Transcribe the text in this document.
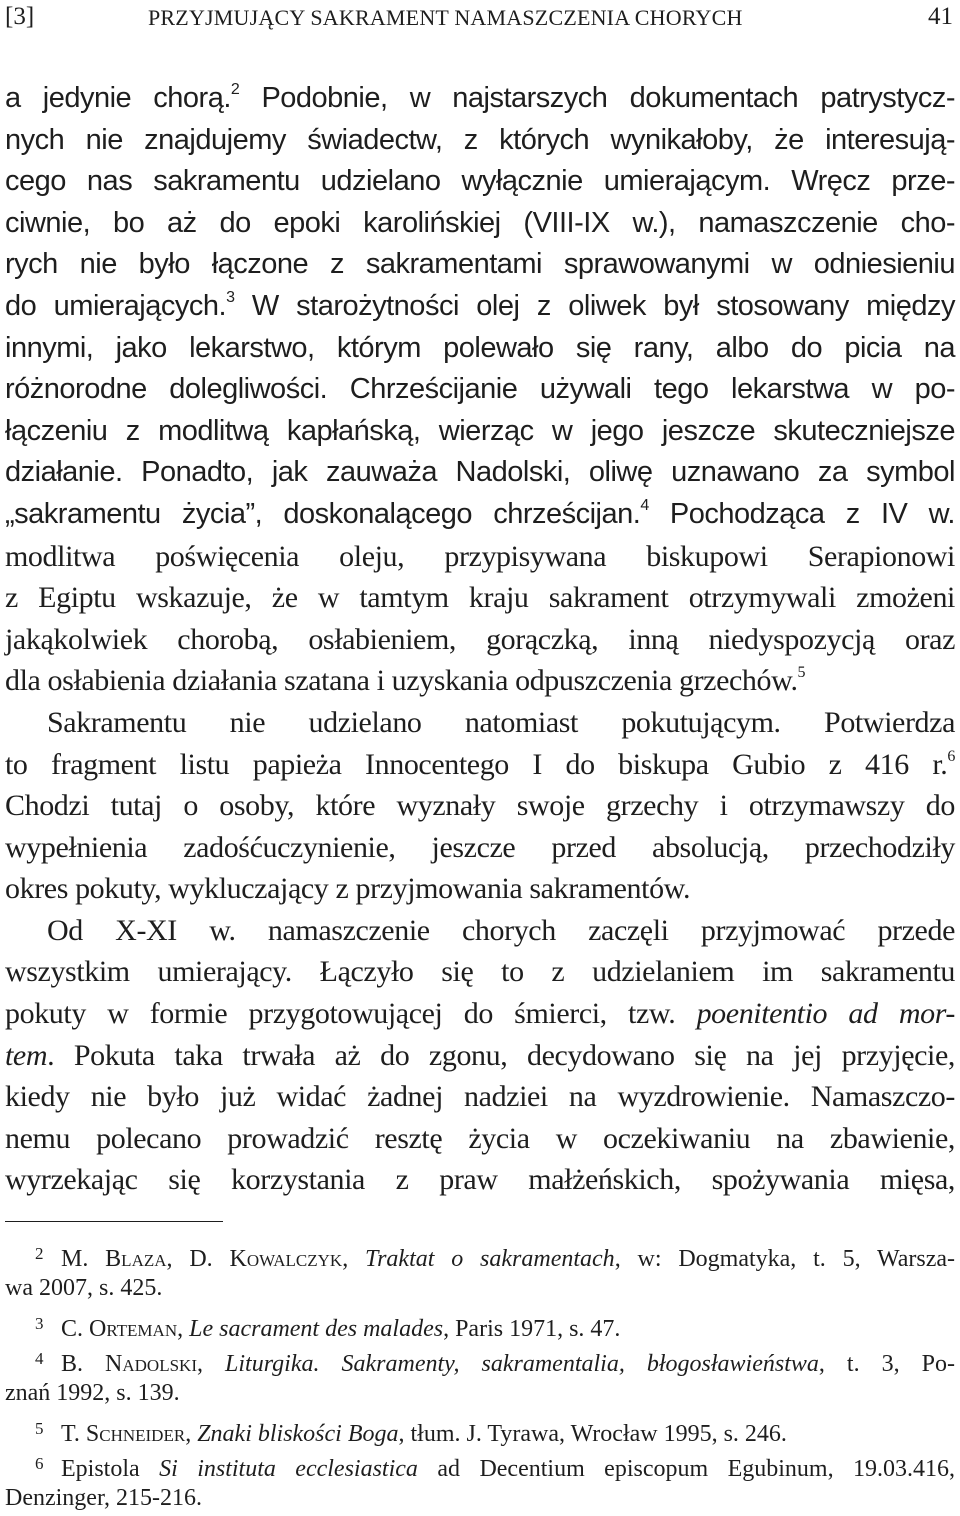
[3]	PRZYJMUJĄCY SAKRAMENT NAMASZCZENIA CHORYCH	41
a jedynie chorą.$^2$ Podobnie, w najstarszych dokumentach patrystycz-
nych nie znajdujemy świadectw, z których wynikałoby, że interesują-
cego nas sakramentu udzielano wyłącznie umierającym. Wręcz prze-
ciwnie, bo aż do epoki karolińskiej (VIII-IX w.), namaszczenie cho-
rych nie było łączone z sakramentami sprawowanymi w odniesieniu
do umierających.$^3$ W starożytności olej z oliwek był stosowany między
innymi, jako lekarstwo, którym polewało się rany, albo do picia na
różnorodne dolegliwości. Chrześcijanie używali tego lekarstwa w po-
łączeniu z modlitwą kapłańską, wierząc w jego jeszcze skuteczniejsze
działanie. Ponadto, jak zauważa Nadolski, oliwę uznawano za symbol
„sakramentu życia”, doskonalącego chrześcijan.$^4$ Pochodząca z IV w.
modlitwa poświęcenia oleju, przypisywana biskupowi Serapionowi
z Egiptu wskazuje, że w tamtym kraju sakrament otrzymywali zmożeni
jakąkolwiek chorobą, osłabieniem, gorączką, inną niedyspozycją oraz
dla osłabienia działania szatana i uzyskania odpuszczenia grzechów.$^5$
Sakramentu nie udzielano natomiast pokutującym. Potwierdza
to fragment listu papieża Innocentego I do biskupa Gubio z 416 r.$^6$
Chodzi tutaj o osoby, które wyznały swoje grzechy i otrzymawszy do
wypełnienia zadośćuczynienie, jeszcze przed absolucją, przechodziły
okres pokuty, wykluczający z przyjmowania sakramentów.
Od X-XI w. namaszczenie chorych zaczęli przyjmować przede
wszystkim umierający. Łączyło się to z udzielaniem im sakramentu
pokuty w formie przygotowującej do śmierci, tzw. poenitentio ad mor-
tem. Pokuta taka trwała aż do zgonu, decydowano się na jej przyjęcie,
kiedy nie było już widać żadnej nadziei na wyzdrowienie. Namaszczo-
nemu polecano prowadzić resztę życia w oczekiwaniu na zbawienie,
wyrzekając się korzystania z praw małżeńskich, spożywania mięsa,
2 M. Blaza, D. Kowalczyk, Traktat o sakramentach, w: Dogmatyka, t. 5, Warsza-
wa 2007, s. 425.
3 C. Orteman, Le sacrament des malades, Paris 1971, s. 47.
4 B. Nadolski, Liturgika. Sakramenty, sakramentalia, błogosławieństwa, t. 3, Po-
znań 1992, s. 139.
5 T. Schneider, Znaki bliskości Boga, tłum. J. Tyrawa, Wrocław 1995, s. 246.
6 Epistola Si instituta ecclesiastica ad Decentium episcopum Egubinum, 19.03.416,
Denzinger, 215-216.
